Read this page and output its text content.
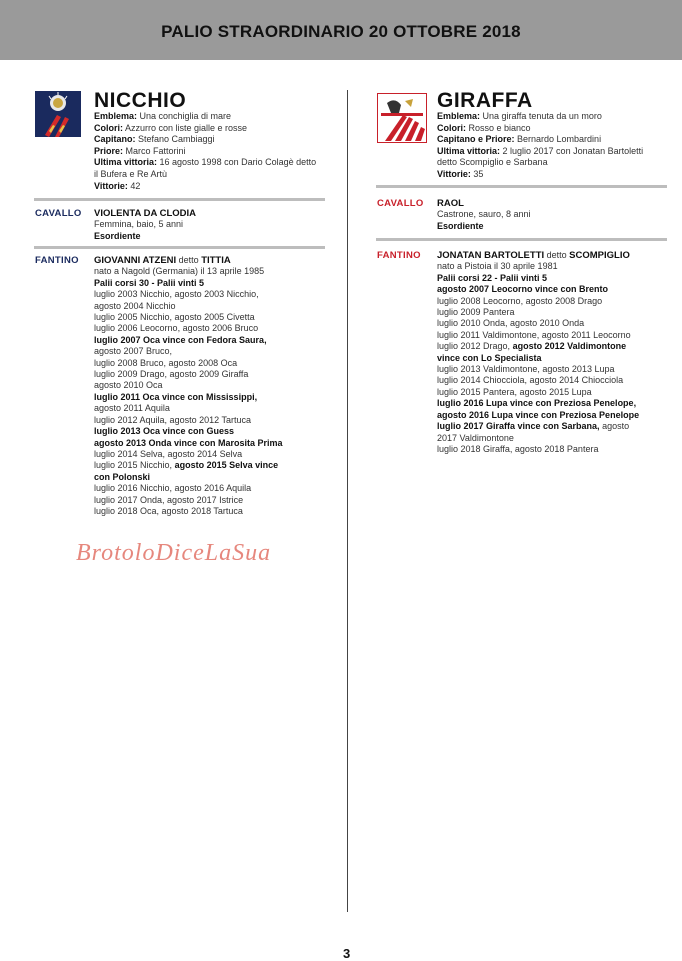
PALIO STRAORDINARIO 20 OTTOBRE 2018
NICCHIO
Emblema: Una conchiglia di mare
Colori: Azzurro con liste gialle e rosse
Capitano: Stefano Cambiaggi
Priore: Marco Fattorini
Ultima vittoria: 16 agosto 1998 con Dario Colagè detto
il Bufera e Re Artù
Vittorie: 42
CAVALLO VIOLENTA DA CLODIA
Femmina, baio, 5 anni
Esordiente
FANTINO GIOVANNI ATZENI detto TITTIA
nato a Nagold (Germania) il 13 aprile 1985
Palii corsi 30 - Palii vinti 5
luglio 2003 Nicchio, agosto 2003 Nicchio,
agosto 2004 Nicchio
luglio 2005 Nicchio, agosto 2005 Civetta
luglio 2006 Leocorno, agosto 2006 Bruco
luglio 2007 Oca vince con Fedora Saura,
agosto 2007 Bruco,
luglio 2008 Bruco, agosto 2008 Oca
luglio 2009 Drago, agosto 2009 Giraffa
agosto 2010 Oca
luglio 2011 Oca vince con Mississippi,
agosto 2011 Aquila
luglio 2012 Aquila, agosto 2012 Tartuca
luglio 2013 Oca vince con Guess
agosto 2013 Onda vince con Marosita Prima
luglio 2014 Selva, agosto 2014 Selva
luglio 2015 Nicchio, agosto 2015 Selva vince
con Polonski
luglio 2016 Nicchio, agosto 2016 Aquila
luglio 2017 Onda, agosto 2017 Istrice
luglio 2018 Oca, agosto 2018 Tartuca
GIRAFFA
Emblema: Una giraffa tenuta da un moro
Colori: Rosso e bianco
Capitano e Priore: Bernardo Lombardini
Ultima vittoria: 2 luglio 2017 con Jonatan Bartoletti
detto Scompiglio e Sarbana
Vittorie: 35
CAVALLO RAOL
Castrone, sauro, 8 anni
Esordiente
FANTINO JONATAN BARTOLETTI detto SCOMPIGLIO
nato a Pistoia il 30 aprile 1981
Palii corsi 22 - Palii vinti 5
agosto 2007 Leocorno vince con Brento
luglio 2008 Leocorno, agosto 2008 Drago
luglio 2009 Pantera
luglio 2010 Onda, agosto 2010 Onda
luglio 2011 Valdimontone, agosto 2011 Leocorno
luglio 2012 Drago, agosto 2012 Valdimontone
vince con Lo Specialista
luglio 2013 Valdimontone, agosto 2013 Lupa
luglio 2014 Chiocciola, agosto 2014 Chiocciola
luglio 2015 Pantera, agosto 2015 Lupa
luglio 2016 Lupa vince con Preziosa Penelope,
agosto 2016 Lupa vince con Preziosa Penelope
luglio 2017 Giraffa vince con Sarbana, agosto
2017 Valdimontone
luglio 2018 Giraffa, agosto 2018 Pantera
BrotoloDiceLaSua
3
